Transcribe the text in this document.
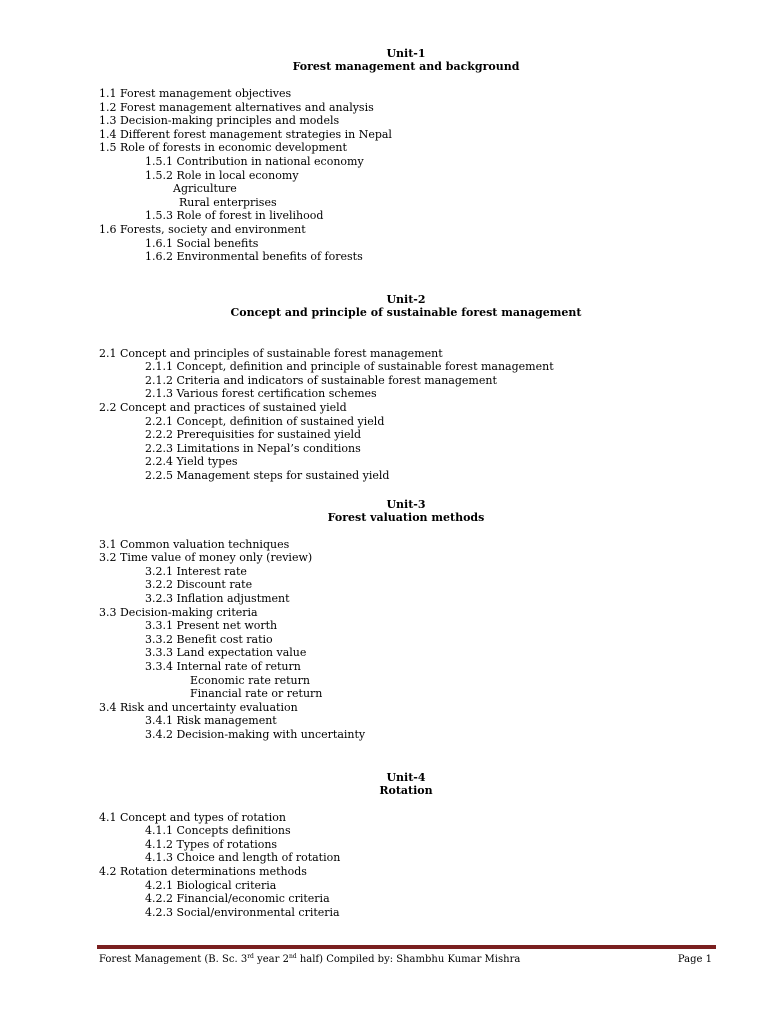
Unit-1
Forest management and background
1.1 Forest management objectives
1.2 Forest management alternatives and analysis
1.3 Decision-making principles and models
1.4 Different forest management strategies in Nepal
1.5 Role of forests in economic development
1.5.1 Contribution in national economy
1.5.2 Role in local economy
Agriculture
Rural enterprises
1.5.3 Role of forest in livelihood
1.6 Forests, society and environment
1.6.1 Social benefits
1.6.2 Environmental benefits of forests
Unit-2
Concept and principle of sustainable forest management
2.1 Concept and principles of sustainable forest management
2.1.1 Concept, definition and principle of sustainable forest management
2.1.2 Criteria and indicators of sustainable forest management
2.1.3 Various forest certification schemes
2.2 Concept and practices of sustained yield
2.2.1 Concept, definition of sustained yield
2.2.2 Prerequisities for sustained yield
2.2.3 Limitations in Nepal’s conditions
2.2.4 Yield types
2.2.5 Management steps for sustained yield
Unit-3
Forest valuation methods
3.1 Common valuation techniques
3.2 Time value of money only (review)
3.2.1 Interest rate
3.2.2 Discount rate
3.2.3 Inflation adjustment
3.3 Decision-making criteria
3.3.1 Present net worth
3.3.2 Benefit cost ratio
3.3.3 Land expectation value
3.3.4 Internal rate of return
Economic rate return
Financial rate or return
3.4 Risk and uncertainty evaluation
3.4.1 Risk management
3.4.2 Decision-making with uncertainty
Unit-4
Rotation
4.1 Concept and types of rotation
4.1.1 Concepts definitions
4.1.2 Types of rotations
4.1.3 Choice and length of rotation
4.2 Rotation determinations methods
4.2.1 Biological criteria
4.2.2 Financial/economic criteria
4.2.3 Social/environmental criteria
Forest Management (B. Sc. 3rd year 2nd half) Compiled by: Shambhu Kumar Mishra	Page 1
